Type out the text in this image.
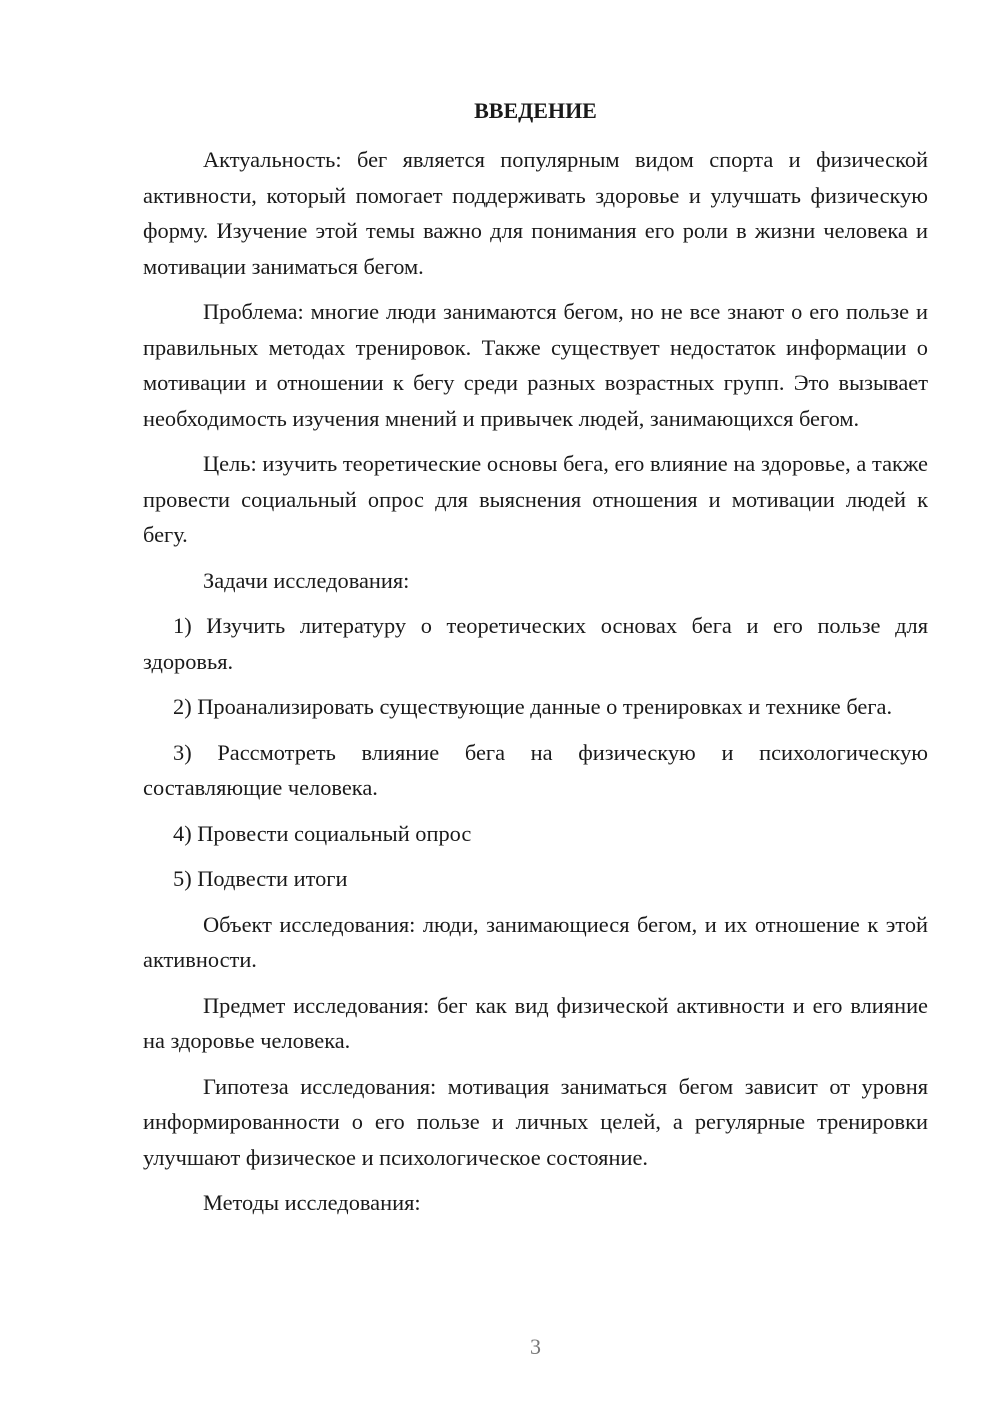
ВВЕДЕНИЕ

Актуальность: бег является популярным видом спорта и физической активности, который помогает поддерживать здоровье и улучшать физическую форму. Изучение этой темы важно для понимания его роли в жизни человека и мотивации заниматься бегом.

Проблема: многие люди занимаются бегом, но не все знают о его пользе и правильных методах тренировок. Также существует недостаток информации о мотивации и отношении к бегу среди разных возрастных групп. Это вызывает необходимость изучения мнений и привычек людей, занимающихся бегом.

Цель: изучить теоретические основы бега, его влияние на здоровье, а также провести социальный опрос для выяснения отношения и мотивации людей к бегу.

Задачи исследования:

1) Изучить литературу о теоретических основах бега и его пользе для здоровья.

2) Проанализировать существующие данные о тренировках и технике бега.

3) Рассмотреть влияние бега на физическую и психологическую составляющие человека.

4) Провести социальный опрос

5) Подвести итоги

Объект исследования: люди, занимающиеся бегом, и их отношение к этой активности.

Предмет исследования: бег как вид физической активности и его влияние на здоровье человека.

Гипотеза исследования: мотивация заниматься бегом зависит от уровня информированности о его пользе и личных целей, а регулярные тренировки улучшают физическое и психологическое состояние.

Методы исследования:

3
